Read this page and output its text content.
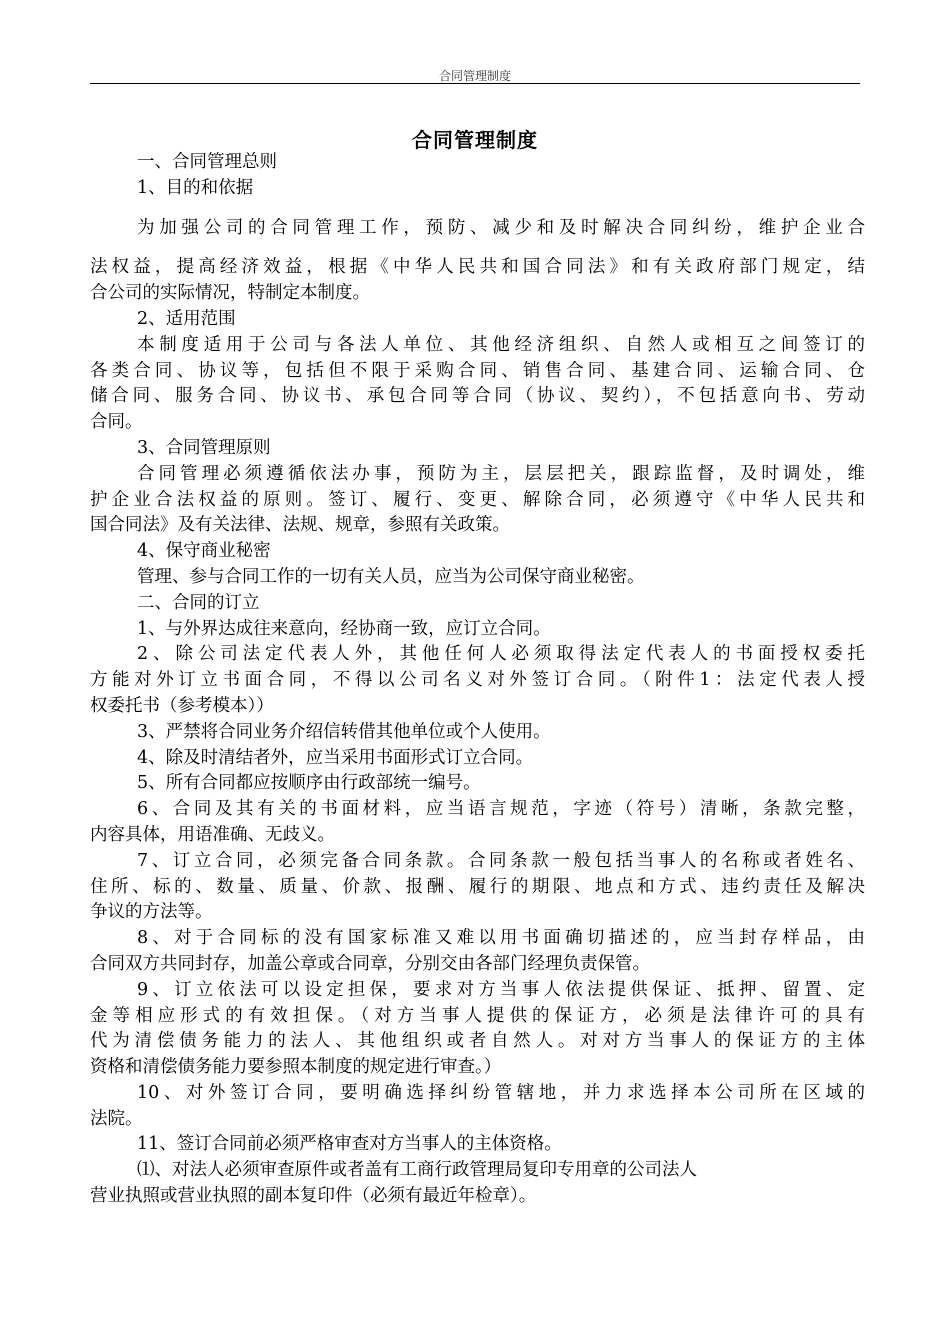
合同管理制度
合同管理制度
一、合同管理总则
1、目的和依据
为加强公司的合同管理工作，预防、减少和及时解决合同纠纷，维护企业合
法权益，提高经济效益，根据《中华人民共和国合同法》和有关政府部门规定，结
合公司的实际情况，特制定本制度。
2、适用范围
本制度适用于公司与各法人单位、其他经济组织、自然人或相互之间签订的
各类合同、协议等，包括但不限于采购合同、销售合同、基建合同、运输合同、仓
储合同、服务合同、协议书、承包合同等合同（协议、契约），不包括意向书、劳动
合同。
3、合同管理原则
合同管理必须遵循依法办事，预防为主，层层把关，跟踪监督，及时调处，维
护企业合法权益的原则。签订、履行、变更、解除合同，必须遵守《中华人民共和
国合同法》及有关法律、法规、规章，参照有关政策。
4、保守商业秘密
管理、参与合同工作的一切有关人员，应当为公司保守商业秘密。
二、合同的订立
1、与外界达成往来意向，经协商一致，应订立合同。
2、除公司法定代表人外，其他任何人必须取得法定代表人的书面授权委托
方能对外订立书面合同，不得以公司名义对外签订合同。（附件1：法定代表人授
权委托书（参考模本））
3、严禁将合同业务介绍信转借其他单位或个人使用。
4、除及时清结者外，应当采用书面形式订立合同。
5、所有合同都应按顺序由行政部统一编号。
6、合同及其有关的书面材料，应当语言规范，字迹（符号）清晰，条款完整，
内容具体，用语准确、无歧义。
7、订立合同，必须完备合同条款。合同条款一般包括当事人的名称或者姓名、
住所、标的、数量、质量、价款、报酬、履行的期限、地点和方式、违约责任及解决
争议的方法等。
8、对于合同标的没有国家标准又难以用书面确切描述的，应当封存样品，由
合同双方共同封存，加盖公章或合同章，分别交由各部门经理负责保管。
9、订立依法可以设定担保，要求对方当事人依法提供保证、抵押、留置、定
金等相应形式的有效担保。（对方当事人提供的保证方，必须是法律许可的具有
代为清偿债务能力的法人、其他组织或者自然人。对对方当事人的保证方的主体
资格和清偿债务能力要参照本制度的规定进行审查。）
10、对外签订合同，要明确选择纠纷管辖地，并力求选择本公司所在区域的
法院。
11、签订合同前必须严格审查对方当事人的主体资格。
⑴、对法人必须审查原件或者盖有工商行政管理局复印专用章的公司法人
营业执照或营业执照的副本复印件（必须有最近年检章）。
